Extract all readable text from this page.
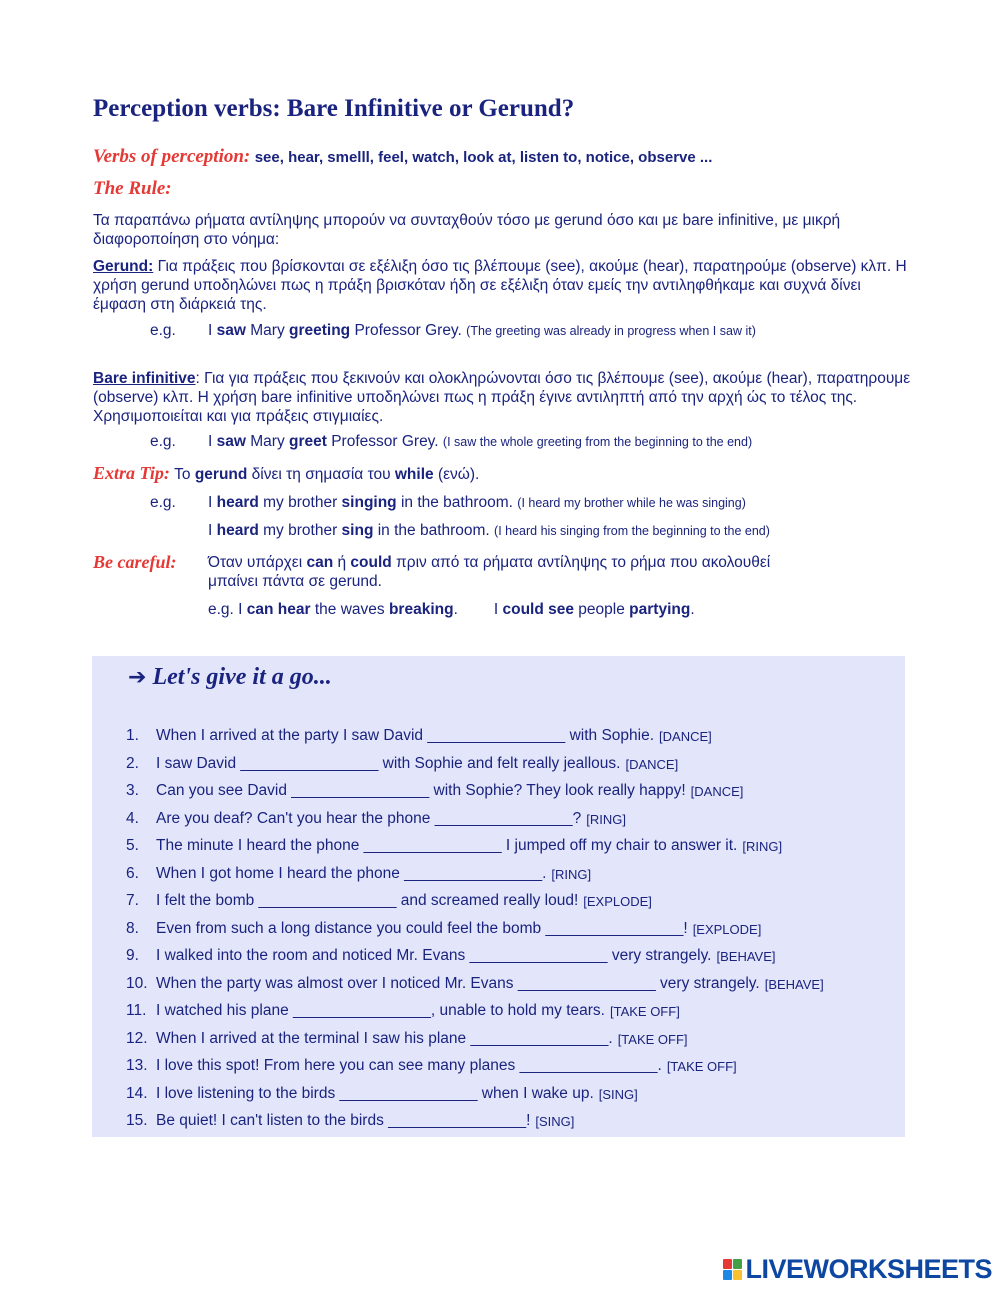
Perception verbs: Bare Infinitive or Gerund?
Verbs of perception: see, hear, smelll, feel, watch, look at, listen to, notice, observe ...
The Rule:
Τα παραπάνω ρήματα αντίληψης μπορούν να συνταχθούν τόσο με gerund όσο και με bare infinitive, με μικρή διαφοροποίηση στο νόημα:
Gerund: Για πράξεις που βρίσκονται σε εξέλιξη όσο τις βλέπουμε (see), ακούμε (hear), παρατηρούμε (observe) κλπ. Η χρήση gerund υποδηλώνει πως η πράξη βρισκόταν ήδη σε εξέλιξη όταν εμείς την αντιληφθήκαμε και συχνά δίνει έμφαση στη διάρκειά της.
e.g. I saw Mary greeting Professor Grey. (The greeting was already in progress when I saw it)
Bare infinitive: Για για πράξεις που ξεκινούν και ολοκληρώνονται όσο τις βλέπουμε (see), ακούμε (hear), παρατηρουμε (observe) κλπ. Η χρήση bare infinitive υποδηλώνει πως η πράξη έγινε αντιληπτή από την αρχή ώς το τέλος της. Χρησιμοποιείται και για πράξεις στιγμιαίες.
e.g. I saw Mary greet Professor Grey. (I saw the whole greeting from the beginning to the end)
Extra Tip: Το gerund δίνει τη σημασία του while (ενώ).
e.g. I heard my brother singing in the bathroom. (I heard my brother while he was singing)
I heard my brother sing in the bathroom. (I heard his singing from the beginning to the end)
Be careful: Όταν υπάρχει can ή could πριν από τα ρήματα αντίληψης το ρήμα που ακολουθεί μπαίνει πάντα σε gerund.
e.g. I can hear the waves breaking. I could see people partying.
➔ Let's give it a go...
1.	When I arrived at the party I saw David ________________ with Sophie. [DANCE]
2.	I saw David ________________ with Sophie and felt really jeallous. [DANCE]
3.	Can you see David ________________ with Sophie? They look really happy! [DANCE]
4.	Are you deaf? Can't you hear the phone ________________? [RING]
5.	The minute I heard the phone ________________ I jumped off my chair to answer it. [RING]
6.	When I got home I heard the phone ________________. [RING]
7.	I felt the bomb ________________ and screamed really loud! [EXPLODE]
8.	Even from such a long distance you could feel the bomb ________________! [EXPLODE]
9.	I walked into the room and noticed Mr. Evans ________________ very strangely. [BEHAVE]
10. When the party was almost over I noticed Mr. Evans ________________ very strangely. [BEHAVE]
11. I watched his plane ________________, unable to hold my tears. [TAKE OFF]
12. When I arrived at the terminal I saw his plane ________________. [TAKE OFF]
13. I love this spot! From here you can see many planes ________________. [TAKE OFF]
14. I love listening to the birds ________________ when I wake up. [SING]
15. Be quiet! I can't listen to the birds ________________! [SING]
LIVEWORKSHEETS
